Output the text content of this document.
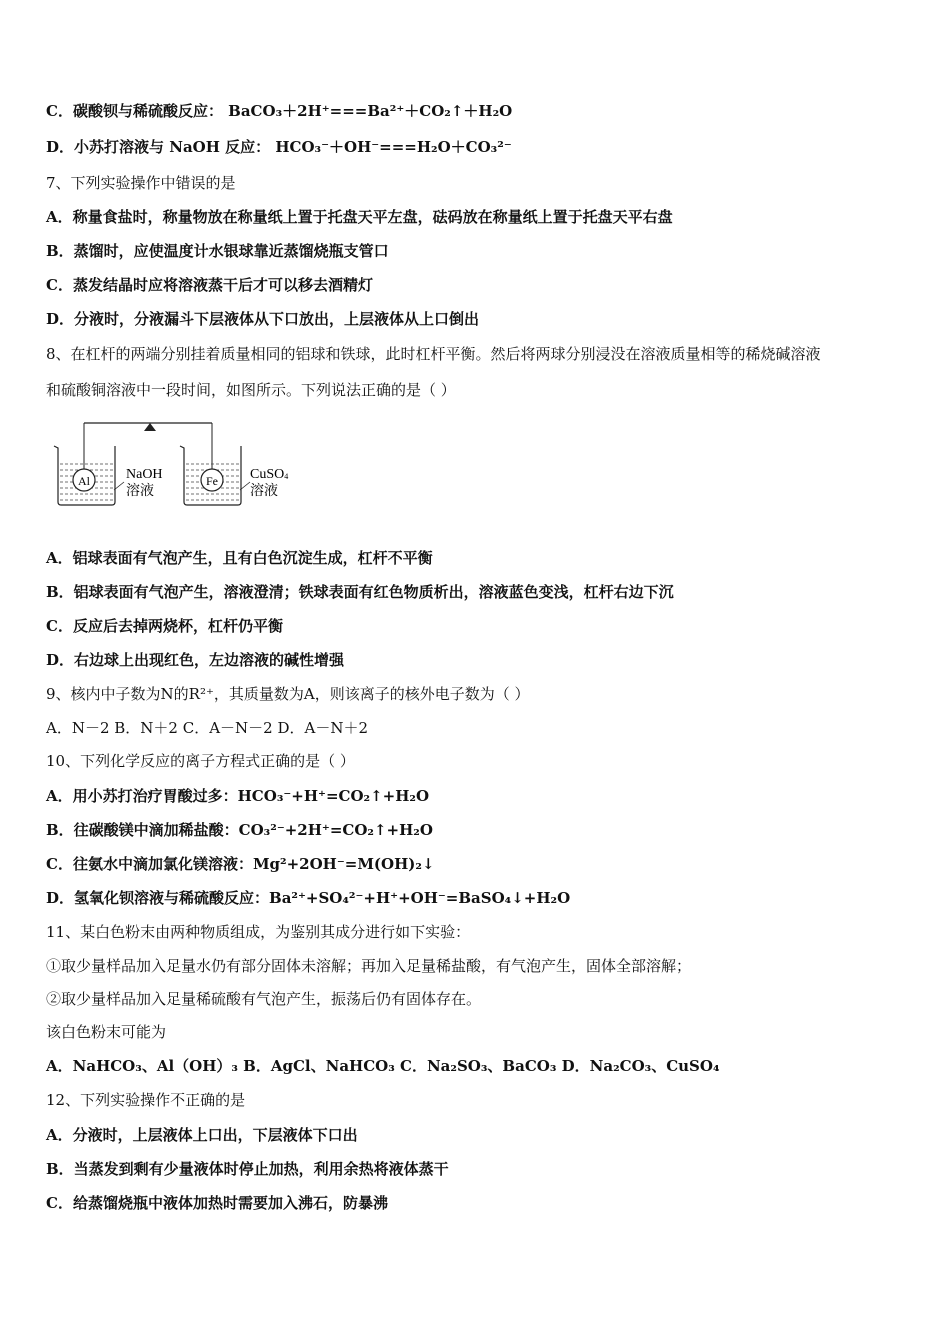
C．碳酸钡与稀硫酸反应： BaCO₃＋2H⁺===Ba²⁺＋CO₂↑＋H₂O
D．小苏打溶液与 NaOH 反应： HCO₃⁻＋OH⁻===H₂O＋CO₃²⁻
7、下列实验操作中错误的是
A．称量食盐时，称量物放在称量纸上置于托盘天平左盘，砝码放在称量纸上置于托盘天平右盘
B．蒸馏时，应使温度计水银球靠近蒸馏烧瓶支管口
C．蒸发结晶时应将溶液蒸干后才可以移去酒精灯
D．分液时，分液漏斗下层液体从下口放出，上层液体从上口倒出
8、在杠杆的两端分别挂着质量相同的铝球和铁球，此时杠杆平衡。然后将两球分别浸没在溶液质量相等的稀烧碱溶液
和硫酸铜溶液中一段时间，如图所示。下列说法正确的是（ ）
Al	Fe
NaOH
溶液
CuSO4
溶液
A．铝球表面有气泡产生，且有白色沉淀生成，杠杆不平衡
B．铝球表面有气泡产生，溶液澄清；铁球表面有红色物质析出，溶液蓝色变浅，杠杆右边下沉
C．反应后去掉两烧杯，杠杆仍平衡
D．右边球上出现红色，左边溶液的碱性增强
9、核内中子数为N的R²⁺，其质量数为A，则该离子的核外电子数为（ ）
A．N－2 B．N＋2 C．A－N－2 D．A－N＋2
10、下列化学反应的离子方程式正确的是（ ）
A．用小苏打治疗胃酸过多：HCO₃⁻+H⁺=CO₂↑+H₂O
B．往碳酸镁中滴加稀盐酸：CO₃²⁻+2H⁺=CO₂↑+H₂O
C．往氨水中滴加氯化镁溶液：Mg²+2OH⁻=M(OH)₂↓
D．氢氧化钡溶液与稀硫酸反应：Ba²⁺+SO₄²⁻+H⁺+OH⁻=BaSO₄↓+H₂O
11、某白色粉末由两种物质组成，为鉴别其成分进行如下实验：
①取少量样品加入足量水仍有部分固体未溶解；再加入足量稀盐酸，有气泡产生，固体全部溶解；
②取少量样品加入足量稀硫酸有气泡产生，振荡后仍有固体存在。
该白色粉末可能为
A．NaHCO₃、Al（OH）₃ B．AgCl、NaHCO₃ C．Na₂SO₃、BaCO₃ D．Na₂CO₃、CuSO₄
12、下列实验操作不正确的是
A．分液时，上层液体上口出，下层液体下口出
B．当蒸发到剩有少量液体时停止加热，利用余热将液体蒸干
C．给蒸馏烧瓶中液体加热时需要加入沸石，防暴沸
